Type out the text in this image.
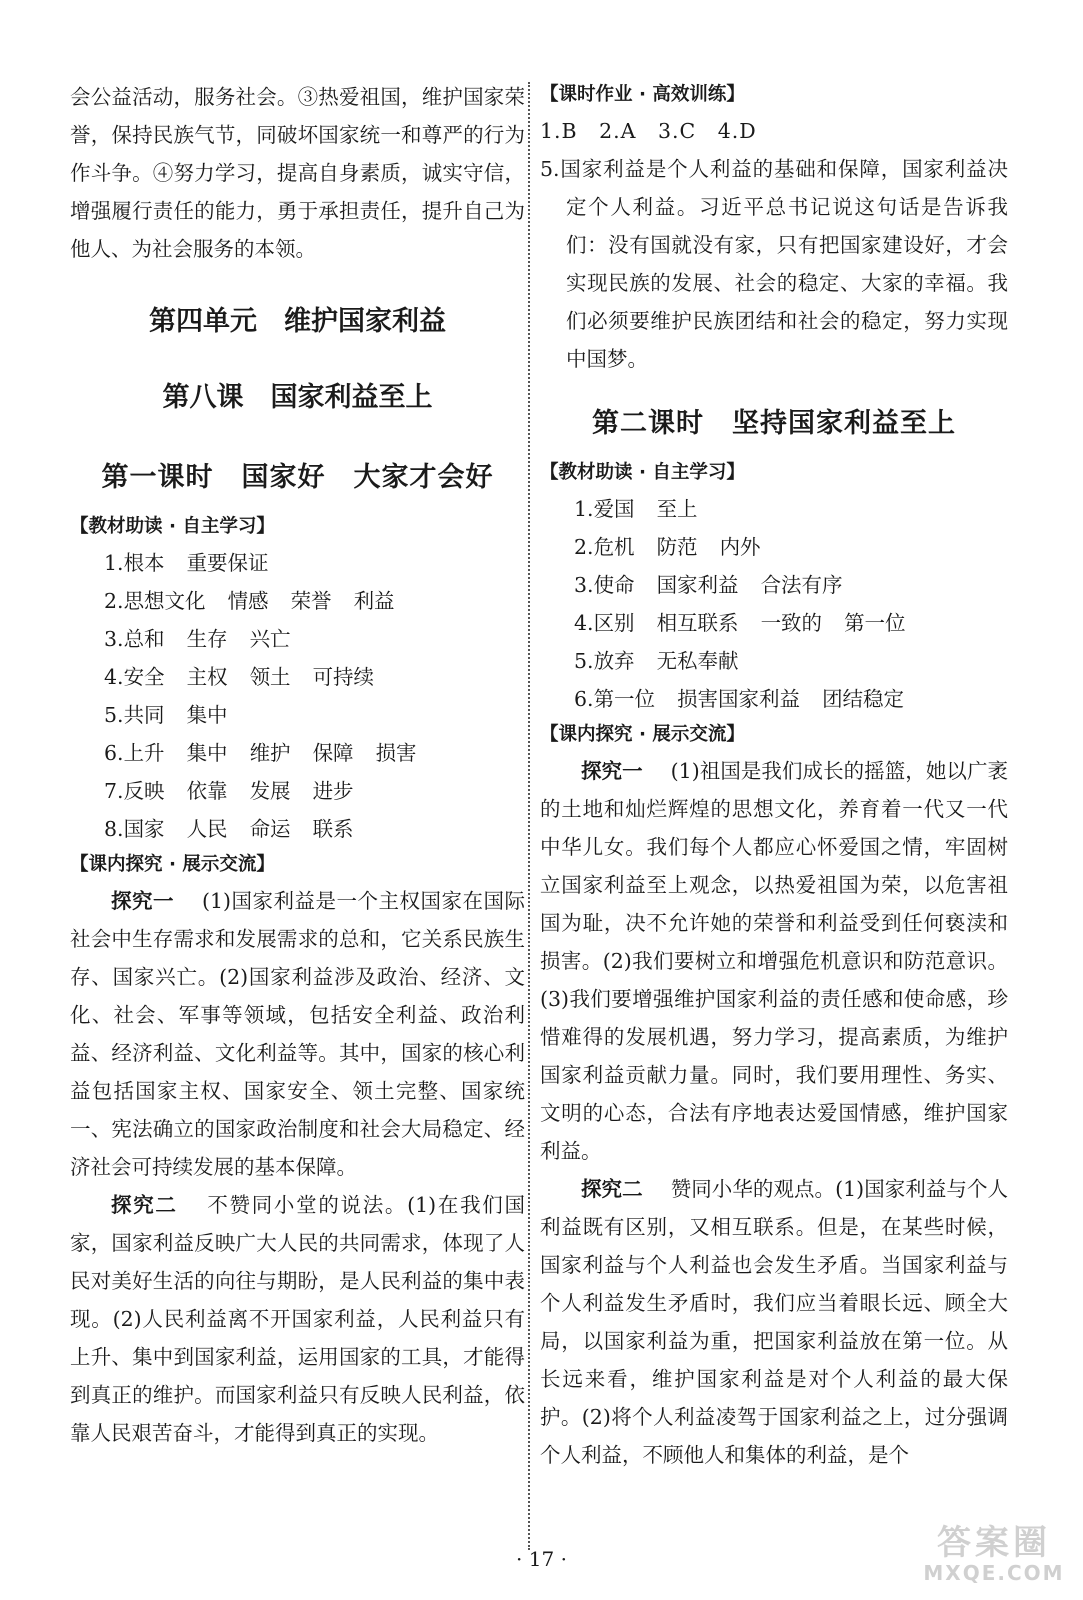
会公益活动，服务社会。③热爱祖国，维护国家荣誉，保持民族气节，同破坏国家统一和尊严的行为作斗争。④努力学习，提高自身素质，诚实守信，增强履行责任的能力，勇于承担责任，提升自己为他人、为社会服务的本领。

第四单元　维护国家利益
第八课　国家利益至上
第一课时　国家好　大家才会好
【教材助读 · 自主学习】
1.根本 重要保证
2.思想文化 情感 荣誉 利益
3.总和 生存 兴亡
4.安全 主权 领土 可持续
5.共同 集中
6.上升 集中 维护 保障 损害
7.反映 依靠 发展 进步
8.国家 人民 命运 联系
【课内探究 · 展示交流】

探究一 (1)国家利益是一个主权国家在国际社会中生存需求和发展需求的总和，它关系民族生存、国家兴亡。(2)国家利益涉及政治、经济、文化、社会、军事等领域，包括安全利益、政治利益、经济利益、文化利益等。其中，国家的核心利益包括国家主权、国家安全、领土完整、国家统一、宪法确立的国家政治制度和社会大局稳定、经济社会可持续发展的基本保障。

探究二 不赞同小堂的说法。(1)在我们国家，国家利益反映广大人民的共同需求，体现了人民对美好生活的向往与期盼，是人民利益的集中表现。(2)人民利益离不开国家利益，人民利益只有上升、集中到国家利益，运用国家的工具，才能得到真正的维护。而国家利益只有反映人民利益，依靠人民艰苦奋斗，才能得到真正的实现。

【课时作业 · 高效训练】

1.B　2.A　3.C　4.D

5.国家利益是个人利益的基础和保障，国家利益决定个人利益。习近平总书记说这句话是告诉我们：没有国就没有家，只有把国家建设好，才会实现民族的发展、社会的稳定、大家的幸福。我们必须要维护民族团结和社会的稳定，努力实现中国梦。

第二课时　坚持国家利益至上
【教材助读 · 自主学习】
1.爱国 至上
2.危机 防范 内外
3.使命 国家利益 合法有序
4.区别 相互联系 一致的 第一位
5.放弃 无私奉献
6.第一位 损害国家利益 团结稳定
【课内探究 · 展示交流】

探究一 (1)祖国是我们成长的摇篮，她以广袤的土地和灿烂辉煌的思想文化，养育着一代又一代中华儿女。我们每个人都应心怀爱国之情，牢固树立国家利益至上观念，以热爱祖国为荣，以危害祖国为耻，决不允许她的荣誉和利益受到任何亵渎和损害。(2)我们要树立和增强危机意识和防范意识。(3)我们要增强维护国家利益的责任感和使命感，珍惜难得的发展机遇，努力学习，提高素质，为维护国家利益贡献力量。同时，我们要用理性、务实、文明的心态，合法有序地表达爱国情感，维护国家利益。

探究二 赞同小华的观点。(1)国家利益与个人利益既有区别，又相互联系。但是，在某些时候，国家利益与个人利益也会发生矛盾。当国家利益与个人利益发生矛盾时，我们应当着眼长远、顾全大局，以国家利益为重，把国家利益放在第一位。从长远来看，维护国家利益是对个人利益的最大保护。(2)将个人利益凌驾于国家利益之上，过分强调个人利益，不顾他人和集体的利益，是个

· 17 ·	答案圈
MXQE.COM
